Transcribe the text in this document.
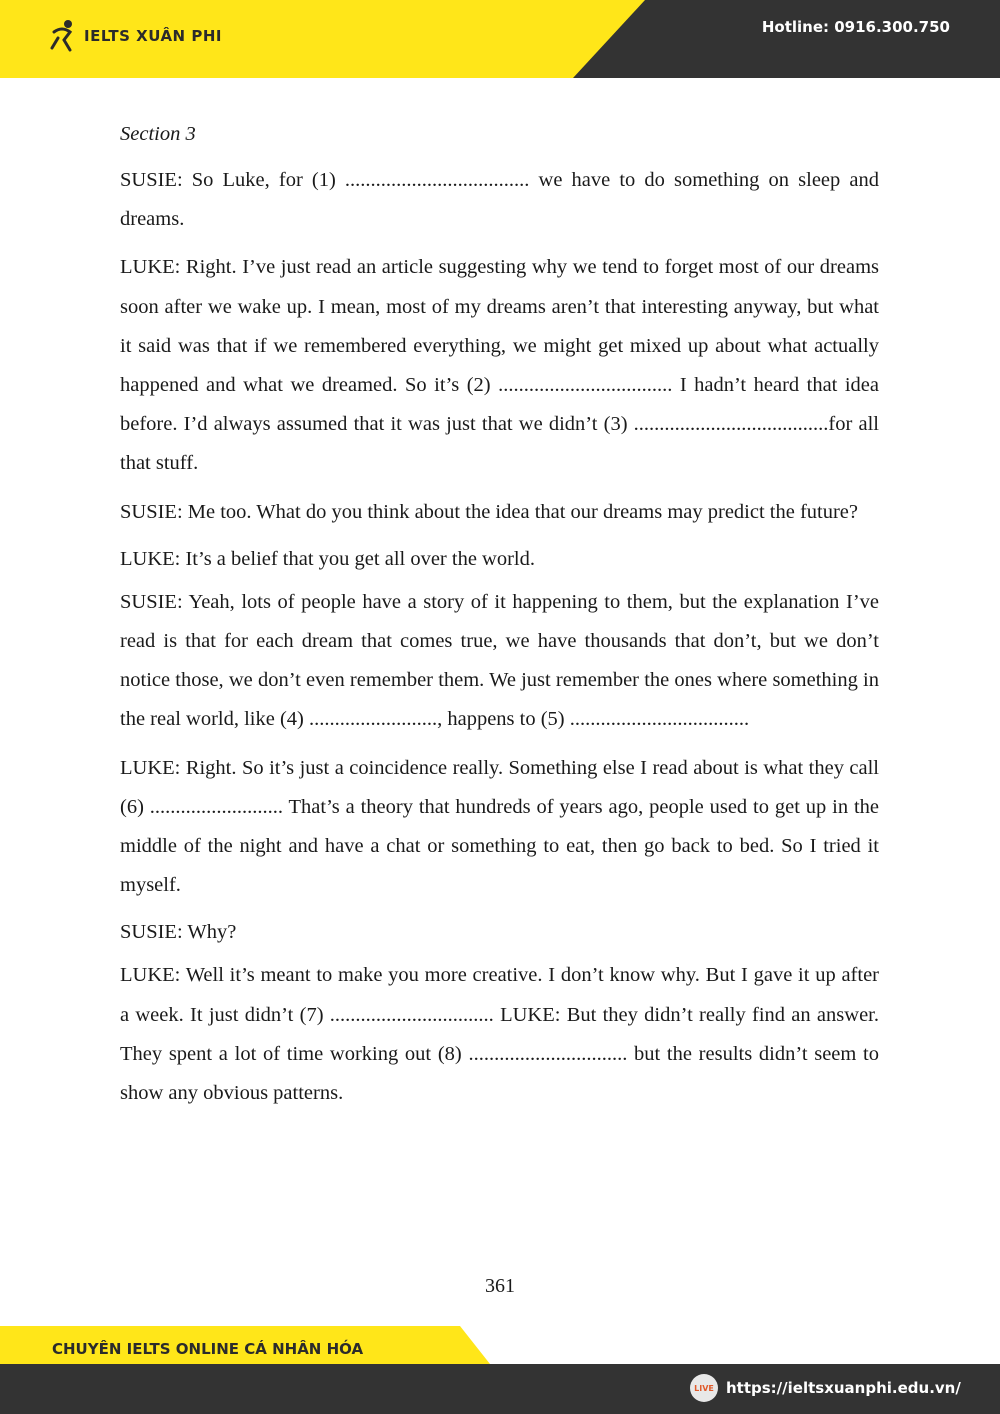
IELTS XUÂN PHI	Hotline: 0916.300.750

Section 3

SUSIE: So Luke, for (1) .................................... we have to do something on sleep and dreams.

LUKE: Right. I’ve just read an article suggesting why we tend to forget most of our dreams soon after we wake up. I mean, most of my dreams aren’t that interesting anyway, but what it said was that if we remembered everything, we might get mixed up about what actually happened and what we dreamed. So it’s (2) .................................. I hadn’t heard that idea before. I’d always assumed that it was just that we didn’t (3) ......................................for all that stuff.

SUSIE: Me too. What do you think about the idea that our dreams may predict the future?

LUKE: It’s a belief that you get all over the world.

SUSIE: Yeah, lots of people have a story of it happening to them, but the explanation I’ve read is that for each dream that comes true, we have thousands that don’t, but we don’t notice those, we don’t even remember them. We just remember the ones where something in the real world, like (4) ........................., happens to (5) ...................................

LUKE: Right. So it’s just a coincidence really. Something else I read about is what they call (6) .......................... That’s a theory that hundreds of years ago, people used to get up in the middle of the night and have a chat or something to eat, then go back to bed. So I tried it myself.

SUSIE: Why?

LUKE: Well it’s meant to make you more creative. I don’t know why. But I gave it up after a week. It just didn’t (7) ................................ LUKE: But they didn’t really find an answer. They spent a lot of time working out (8) ............................... but the results didn’t seem to show any obvious patterns.

361
CHUYÊN IELTS ONLINE CÁ NHÂN HÓA
LIVE https://ieltsxuanphi.edu.vn/
